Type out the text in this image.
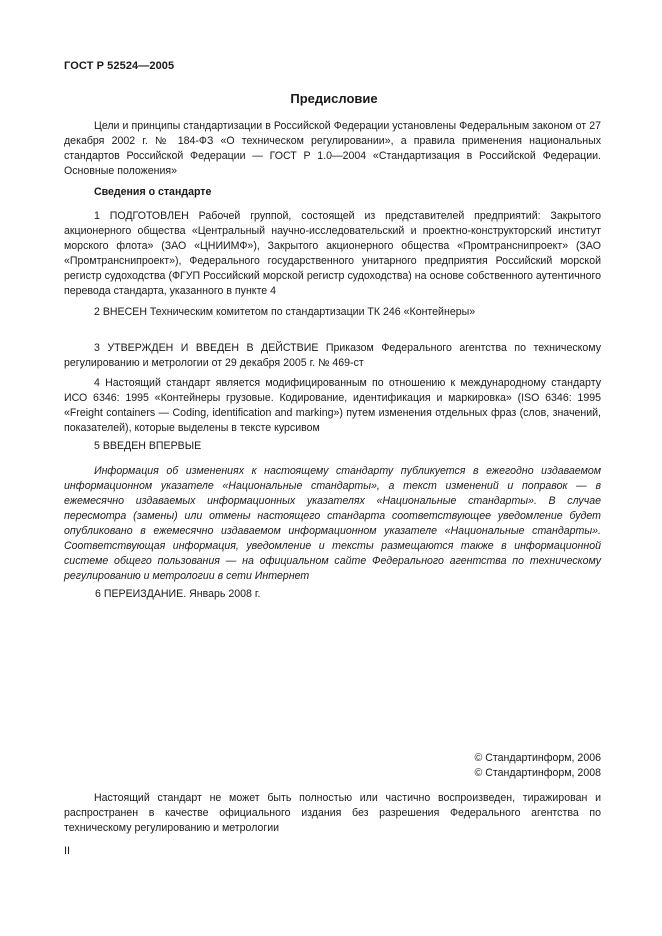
ГОСТ Р 52524—2005
Предисловие

Цели и принципы стандартизации в Российской Федерации установлены Федеральным законом от 27 декабря 2002 г. № 184-ФЗ «О техническом регулировании», а правила применения национальных стандартов Российской Федерации — ГОСТ Р 1.0—2004 «Стандартизация в Российской Федерации. Основные положения»

Сведения о стандарте

1 ПОДГОТОВЛЕН Рабочей группой, состоящей из представителей предприятий: Закрытого акционерного общества «Центральный научно-исследовательский и проектно-конструкторский институт морского флота» (ЗАО «ЦНИИМФ»), Закрытого акционерного общества «Промтранснипроект» (ЗАО «Промтранснипроект»), Федерального государственного унитарного предприятия Российский морской регистр судоходства (ФГУП Российский морской регистр судоходства) на основе собственного аутентичного перевода стандарта, указанного в пункте 4

2 ВНЕСЕН Техническим комитетом по стандартизации ТК 246 «Контейнеры»

3 УТВЕРЖДЕН И ВВЕДЕН В ДЕЙСТВИЕ Приказом Федерального агентства по техническому регулированию и метрологии от 29 декабря 2005 г. № 469-ст

4 Настоящий стандарт является модифицированным по отношению к международному стандарту ИСО 6346: 1995 «Контейнеры грузовые. Кодирование, идентификация и маркировка» (ISO 6346: 1995 «Freight containers — Coding, identification and marking») путем изменения отдельных фраз (слов, значений, показателей), которые выделены в тексте курсивом

5 ВВЕДЕН ВПЕРВЫЕ

Информация об изменениях к настоящему стандарту публикуется в ежегодно издаваемом информационном указателе «Национальные стандарты», а текст изменений и поправок — в ежемесячно издаваемых информационных указателях «Национальные стандарты». В случае пересмотра (замены) или отмены настоящего стандарта соответствующее уведомление будет опубликовано в ежемесячно издаваемом информационном указателе «Национальные стандарты». Соответствующая информация, уведомление и тексты размещаются также в информационной системе общего пользования — на официальном сайте Федерального агентства по техническому регулированию и метрологии в сети Интернет

6 ПЕРЕИЗДАНИЕ. Январь 2008 г.

© Стандартинформ, 2006
© Стандартинформ, 2008

Настоящий стандарт не может быть полностью или частично воспроизведен, тиражирован и распространен в качестве официального издания без разрешения Федерального агентства по техническому регулированию и метрологии

II
